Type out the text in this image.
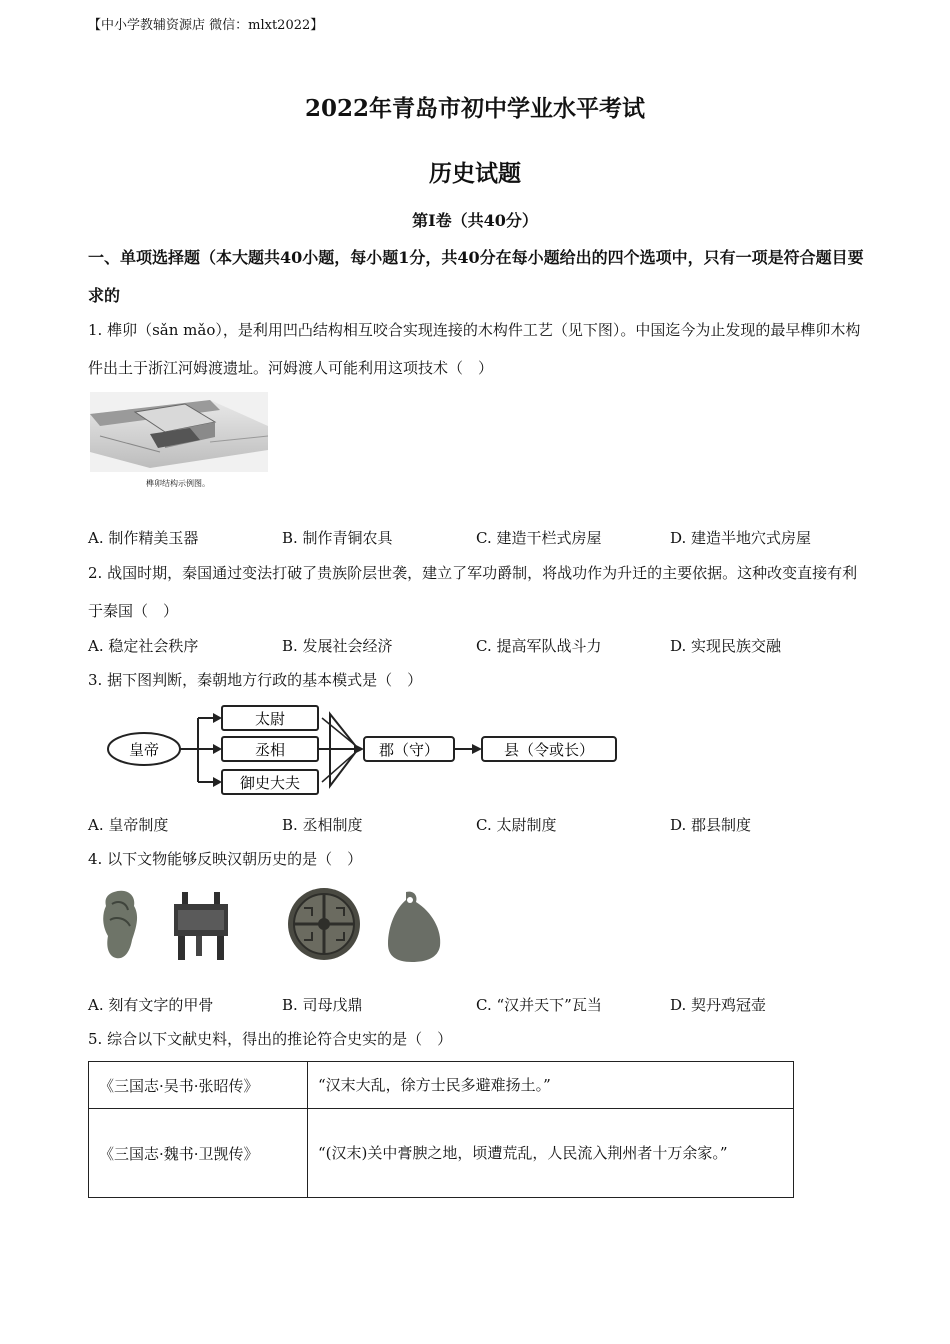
【中小学教辅资源店 微信：mlxt2022】
2022年青岛市初中学业水平考试
历史试题
第Ⅰ卷（共40分）
一、单项选择题（本大题共40小题，每小题1分，共40分在每小题给出的四个选项中，只有一项是符合题目要求的
1. 榫卯（sǎn mǎo），是利用凹凸结构相互咬合实现连接的木构件工艺（见下图）。中国迄今为止发现的最早榫卯木构件出土于浙江河姆渡遗址。河姆渡人可能利用这项技术（　）
榫卯结构示例图。
A. 制作精美玉器	B. 制作青铜农具	C. 建造干栏式房屋	D. 建造半地穴式房屋
2. 战国时期，秦国通过变法打破了贵族阶层世袭，建立了军功爵制，将战功作为升迁的主要依据。这种改变直接有利于秦国（　）
A. 稳定社会秩序	B. 发展社会经济	C. 提高军队战斗力	D. 实现民族交融
3. 据下图判断，秦朝地方行政的基本模式是（　）
皇帝
太尉
丞相
御史大夫
郡（守）	县（令或长）
A. 皇帝制度	B. 丞相制度	C. 太尉制度	D. 郡县制度
4. 以下文物能够反映汉朝历史的是（　）
A. 刻有文字的甲骨	B. 司母戊鼎	C. “汉并天下”瓦当	D. 契丹鸡冠壶
5. 综合以下文献史料，得出的推论符合史实的是（　）
《三国志·吴书·张昭传》	“汉末大乱，徐方士民多避难扬土。”
《三国志·魏书·卫觊传》	“(汉末)关中膏腴之地，顷遭荒乱，人民流入荆州者十万余家。”
